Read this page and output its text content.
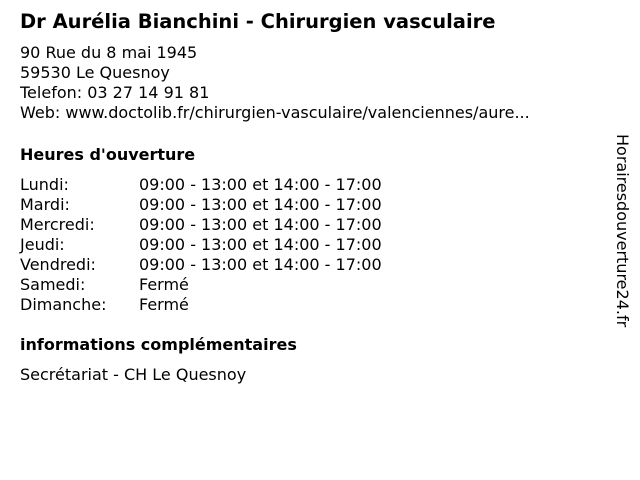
Dr Aurélia Bianchini - Chirurgien vasculaire
90 Rue du 8 mai 1945
59530 Le Quesnoy
Telefon: 03 27 14 91 81
Web: www.doctolib.fr/chirurgien-vasculaire/valenciennes/aure...
Heures d'ouverture
Lundi:	09:00 - 13:00 et 14:00 - 17:00
Mardi:	09:00 - 13:00 et 14:00 - 17:00
Mercredi:	09:00 - 13:00 et 14:00 - 17:00
Jeudi:	09:00 - 13:00 et 14:00 - 17:00
Vendredi:	09:00 - 13:00 et 14:00 - 17:00
Samedi:	Fermé
Dimanche: Fermé
informations complémentaires
Secrétariat - CH Le Quesnoy
Horairesdouverture24.fr
